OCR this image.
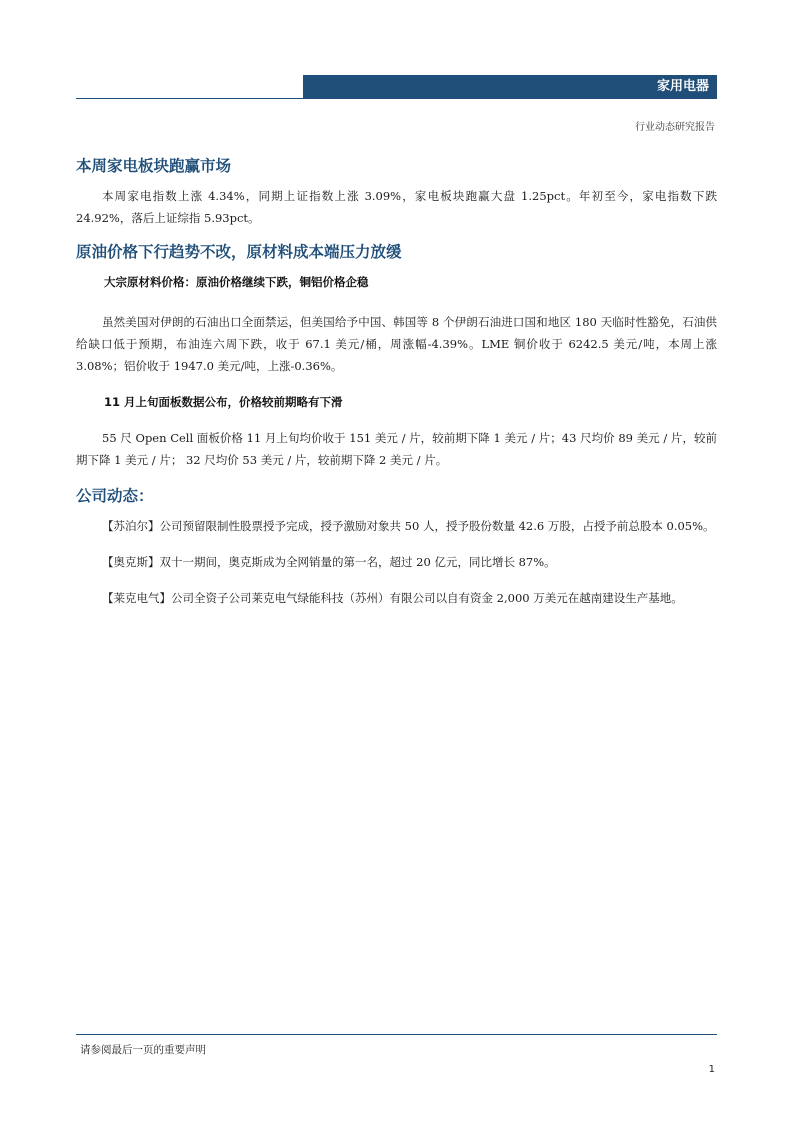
家用电器
行业动态研究报告
本周家电板块跑赢市场

本周家电指数上涨 4.34%，同期上证指数上涨 3.09%，家电板块跑赢大盘 1.25pct。年初至今，家电指数下跌 24.92%，落后上证综指 5.93pct。

原油价格下行趋势不改，原材料成本端压力放缓
大宗原材料价格：原油价格继续下跌，铜铝价格企稳

虽然美国对伊朗的石油出口全面禁运，但美国给予中国、韩国等 8 个伊朗石油进口国和地区 180 天临时性豁免，石油供给缺口低于预期，布油连六周下跌，收于 67.1 美元/桶，周涨幅-4.39%。LME 铜价收于 6242.5 美元/吨，本周上涨 3.08%；铝价收于 1947.0 美元/吨，上涨-0.36%。

11 月上旬面板数据公布，价格较前期略有下滑

55 尺 Open Cell 面板价格 11 月上旬均价收于 151 美元 / 片，较前期下降 1 美元 / 片；43 尺均价 89 美元 / 片，较前期下降 1 美元 / 片； 32 尺均价 53 美元 / 片，较前期下降 2 美元 / 片。

公司动态：

【苏泊尔】公司预留限制性股票授予完成，授予激励对象共 50 人，授予股份数量 42.6 万股，占授予前总股本 0.05%。

【奥克斯】双十一期间，奥克斯成为全网销量的第一名，超过 20 亿元，同比增长 87%。

【莱克电气】公司全资子公司莱克电气绿能科技（苏州）有限公司以自有资金 2,000 万美元在越南建设生产基地。

请参阅最后一页的重要声明
1
